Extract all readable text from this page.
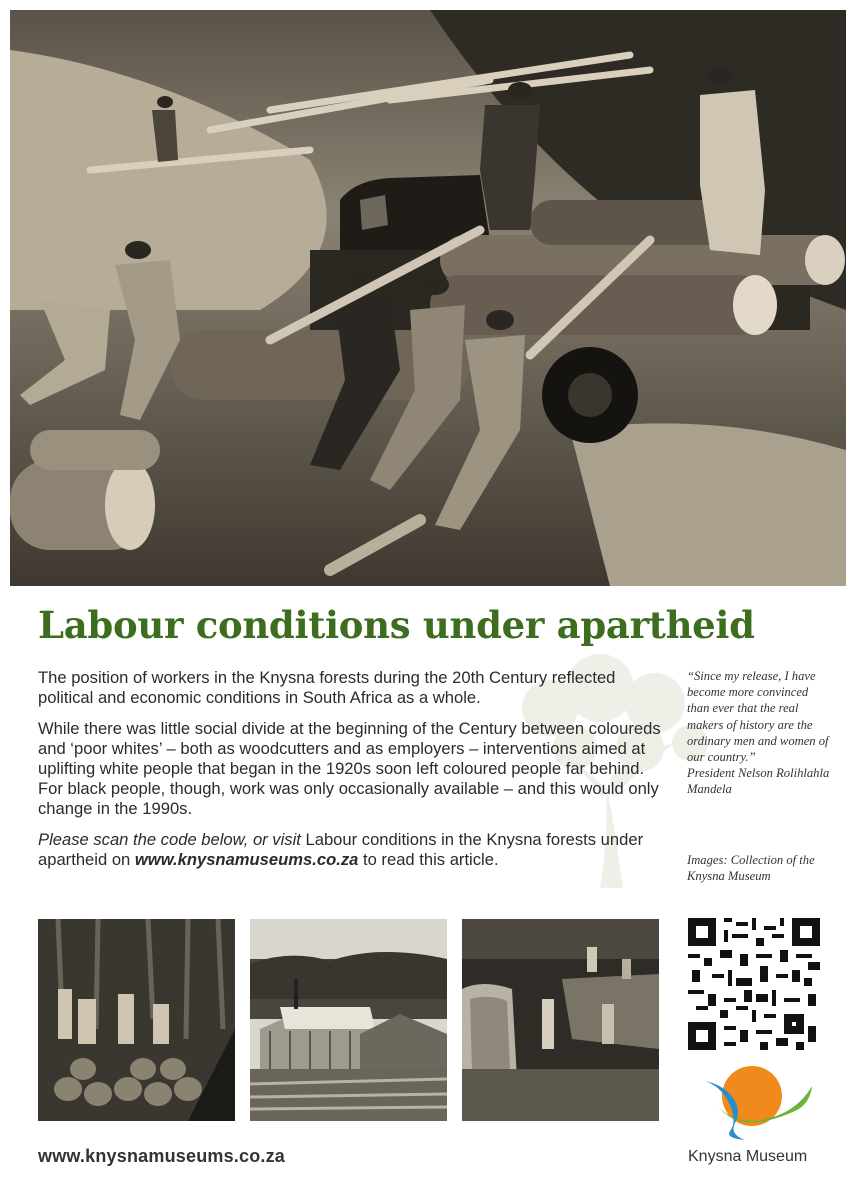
Labour conditions under apartheid

The position of workers in the Knysna forests during the 20th Century reflected political and economic conditions in South Africa as a whole.

While there was little social divide at the beginning of the Century between coloureds and ‘poor whites’ – both as woodcutters and as employers – interventions aimed at uplifting white people that began in the 1920s soon left coloured people far behind. For black people, though, work was only occasionally available – and this would only change in the 1990s.

Please scan the code below, or visit Labour conditions in the Knysna forests under apartheid on www.knysnamuseums.co.za to read this article.

“Since my release, I have become more convinced than ever that the real makers of history are the ordinary men and women of our country.”
President Nelson Rolihlahla Mandela
Images: Collection of the Knysna Museum
www.knysnamuseums.co.za	Knysna Museum
